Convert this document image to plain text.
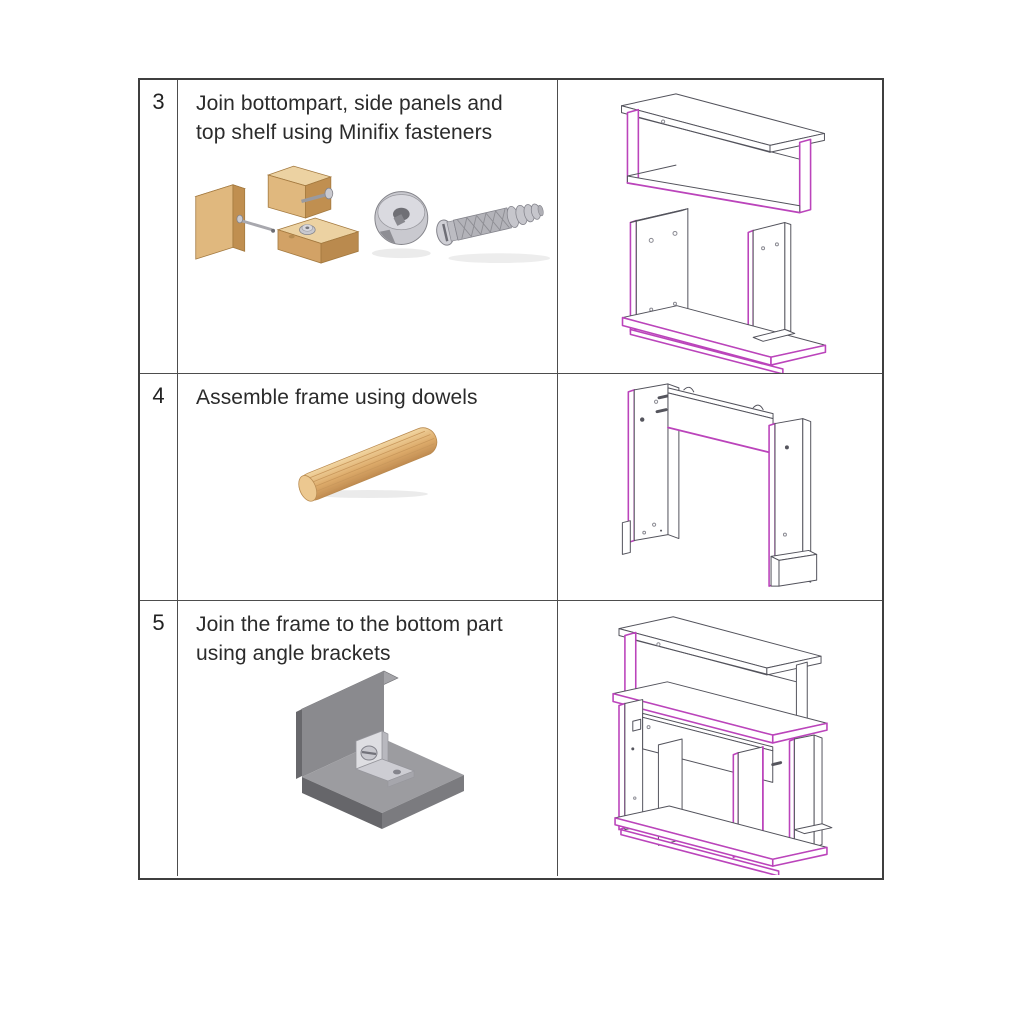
3	Join bottompart, side panels and top shelf using Minifix fasteners
4	Assemble frame using dowels
5	Join the frame to the bottom part using angle brackets
